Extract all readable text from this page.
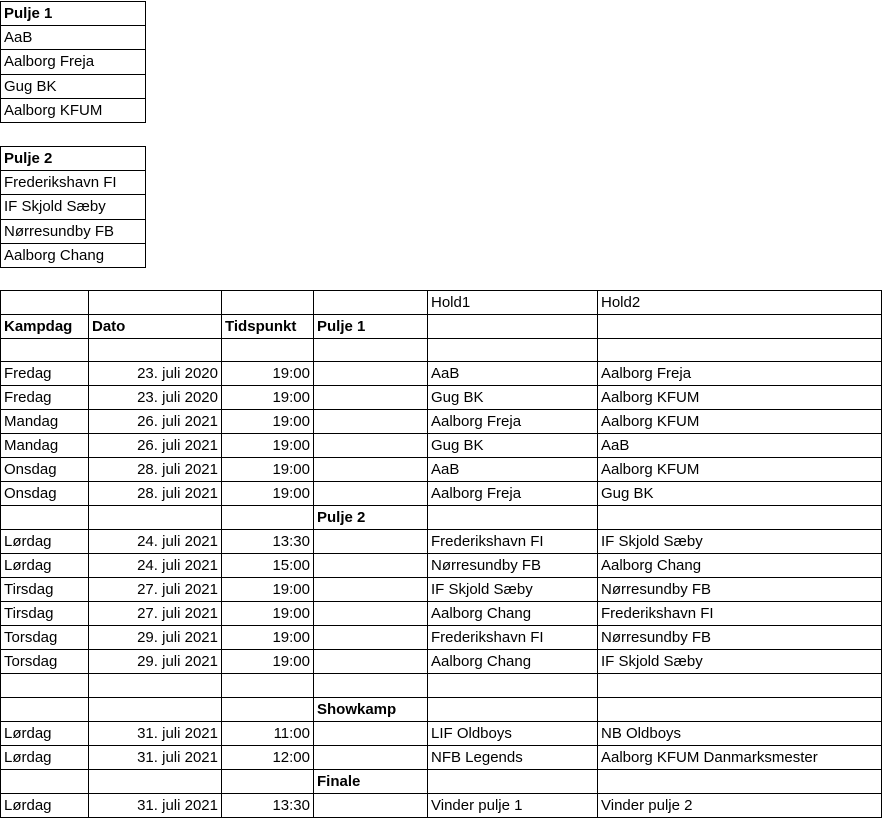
Pulje 1
AaB
Aalborg Freja
Gug BK
Aalborg KFUM
Pulje 2
Frederikshavn FI
IF Skjold Sæby
Nørresundby FB
Aalborg Chang
				Hold1	Hold2
Kampdag	Dato	Tidspunkt	Pulje 1		

Fredag	23. juli 2020	19:00		AaB	Aalborg Freja
Fredag	23. juli 2020	19:00		Gug BK	Aalborg KFUM
Mandag	26. juli 2021	19:00		Aalborg Freja	Aalborg KFUM
Mandag	26. juli 2021	19:00		Gug BK	AaB
Onsdag	28. juli 2021	19:00		AaB	Aalborg KFUM
Onsdag	28. juli 2021	19:00		Aalborg Freja	Gug BK
			Pulje 2		
Lørdag	24. juli 2021	13:30		Frederikshavn FI	IF Skjold Sæby
Lørdag	24. juli 2021	15:00		Nørresundby FB	Aalborg Chang
Tirsdag	27. juli 2021	19:00		IF Skjold Sæby	Nørresundby FB
Tirsdag	27. juli 2021	19:00		Aalborg Chang	Frederikshavn FI
Torsdag	29. juli 2021	19:00		Frederikshavn FI	Nørresundby FB
Torsdag	29. juli 2021	19:00		Aalborg Chang	IF Skjold Sæby

			Showkamp		
Lørdag	31. juli 2021	11:00		LIF Oldboys	NB Oldboys
Lørdag	31. juli 2021	12:00		NFB Legends	Aalborg KFUM Danmarksmester
			Finale		
Lørdag	31. juli 2021	13:30		Vinder pulje 1	Vinder pulje 2
